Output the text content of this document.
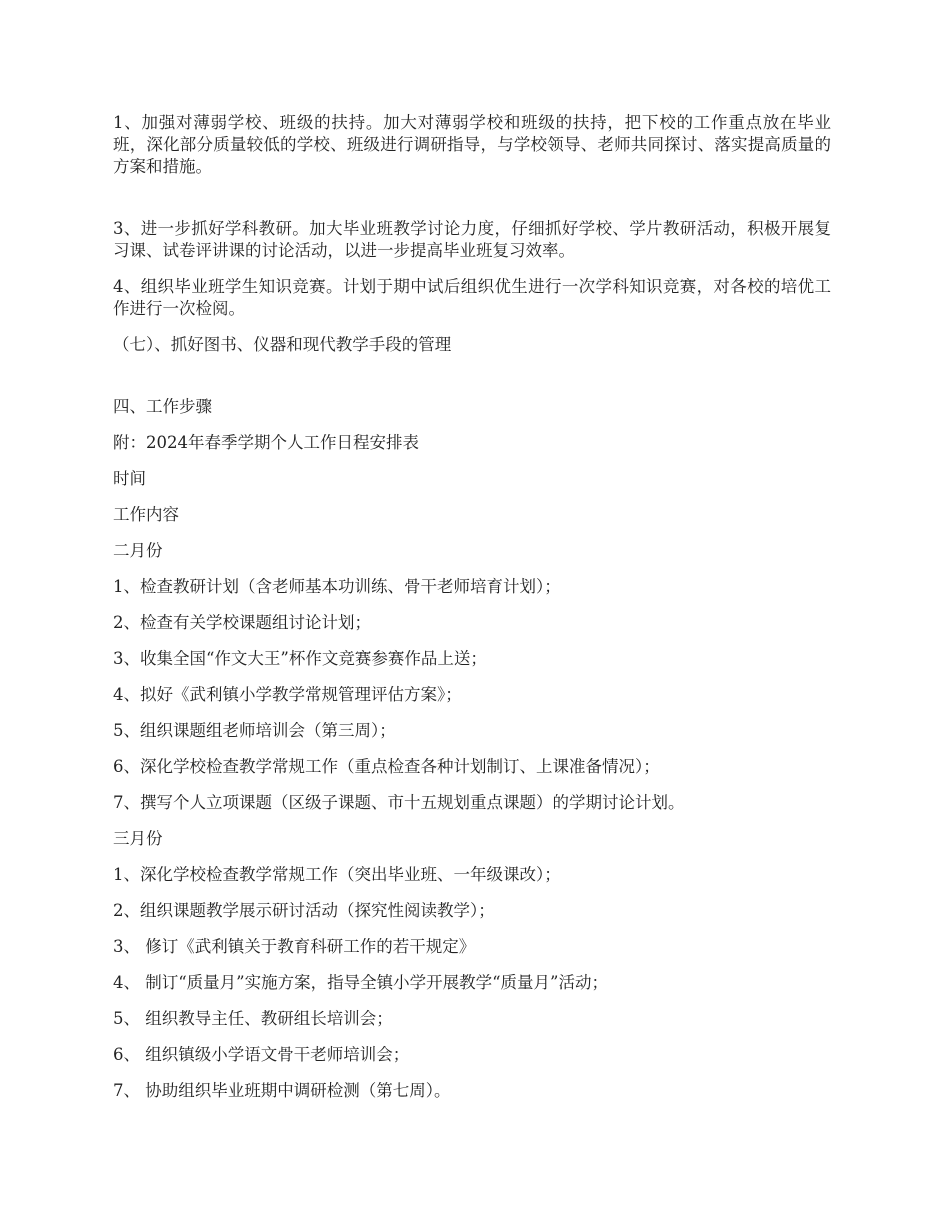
1、加强对薄弱学校、班级的扶持。加大对薄弱学校和班级的扶持，把下校的工作重点放在毕业班，深化部分质量较低的学校、班级进行调研指导，与学校领导、老师共同探讨、落实提高质量的方案和措施。

3、进一步抓好学科教研。加大毕业班教学讨论力度，仔细抓好学校、学片教研活动，积极开展复习课、试卷评讲课的讨论活动，以进一步提高毕业班复习效率。

4、组织毕业班学生知识竞赛。计划于期中试后组织优生进行一次学科知识竞赛，对各校的培优工作进行一次检阅。

（七）、抓好图书、仪器和现代教学手段的管理

四、工作步骤

附：2024年春季学期个人工作日程安排表

时间

工作内容

二月份

1、检查教研计划（含老师基本功训练、骨干老师培育计划）；

2、检查有关学校课题组讨论计划；

3、收集全国“作文大王”杯作文竞赛参赛作品上送；

4、拟好《武利镇小学教学常规管理评估方案》；

5、组织课题组老师培训会（第三周）；

6、深化学校检查教学常规工作（重点检查各种计划制订、上课准备情况）；

7、撰写个人立项课题（区级子课题、市十五规划重点课题）的学期讨论计划。

三月份

1、深化学校检查教学常规工作（突出毕业班、一年级课改）；

2、组织课题教学展示研讨活动（探究性阅读教学）；

3、 修订《武利镇关于教育科研工作的若干规定》

4、 制订“质量月”实施方案，指导全镇小学开展教学“质量月”活动；

5、 组织教导主任、教研组长培训会；

6、 组织镇级小学语文骨干老师培训会；

7、 协助组织毕业班期中调研检测（第七周）。
